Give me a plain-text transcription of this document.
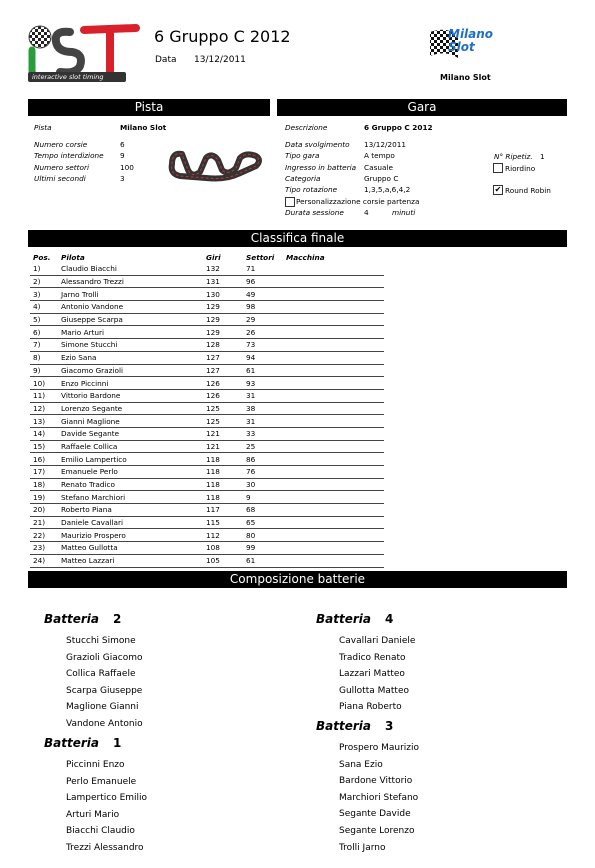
interactive slot timing
6 Gruppo C 2012
Data 13/12/2011
Milano Slot
Milano Slot
Pista
Pista	Milano Slot
Numero corsie	6
Tempo interdizione 9
Numero settori	100
Ultimi secondi	3
Gara
Descrizione	6 Gruppo C 2012
Data svolgimento 13/12/2011
Tipo gara	A tempo
Ingresso in batteria Casuale
Categoria	Gruppo C
Tipo rotazione	1,3,5,a,6,4,2
Personalizzazione corsie partenza
Durata sessione	4	minuti
N° Ripetiz. 1
Riordino
✔ Round Robin
Classifica finale
Pos.	Pilota	Giri	Settori	Macchina
1)	Claudio Biacchi	132	71	
2)	Alessandro Trezzi	131	96	
3)	Jarno Trolli	130	49	
4)	Antonio Vandone	129	98	
5)	Giuseppe Scarpa	129	29	
6)	Mario Arturi	129	26	
7)	Simone Stucchi	128	73	
8)	Ezio Sana	127	94	
9)	Giacomo Grazioli	127	61	
10)	Enzo Piccinni	126	93	
11)	Vittorio Bardone	126	31	
12)	Lorenzo Segante	125	38	
13)	Gianni Maglione	125	31	
14)	Davide Segante	121	33	
15)	Raffaele Collica	121	25	
16)	Emilio Lampertico	118	86	
17)	Emanuele Perlo	118	76	
18)	Renato Tradico	118	30	
19)	Stefano Marchiori	118	9	
20)	Roberto Piana	117	68	
21)	Daniele Cavallari	115	65	
22)	Maurizio Prospero	112	80	
23)	Matteo Gullotta	108	99	
24)	Matteo Lazzari	105	61	
Composizione batterie
Batteria 2
Stucchi Simone
Grazioli Giacomo
Collica Raffaele
Scarpa Giuseppe
Maglione Gianni
Vandone Antonio
Batteria 1
Piccinni Enzo
Perlo Emanuele
Lampertico Emilio
Arturi Mario
Biacchi Claudio
Trezzi Alessandro
Batteria 4
Cavallari Daniele
Tradico Renato
Lazzari Matteo
Gullotta Matteo
Piana Roberto
Batteria 3
Prospero Maurizio
Sana Ezio
Bardone Vittorio
Marchiori Stefano
Segante Davide
Segante Lorenzo
Trolli Jarno
